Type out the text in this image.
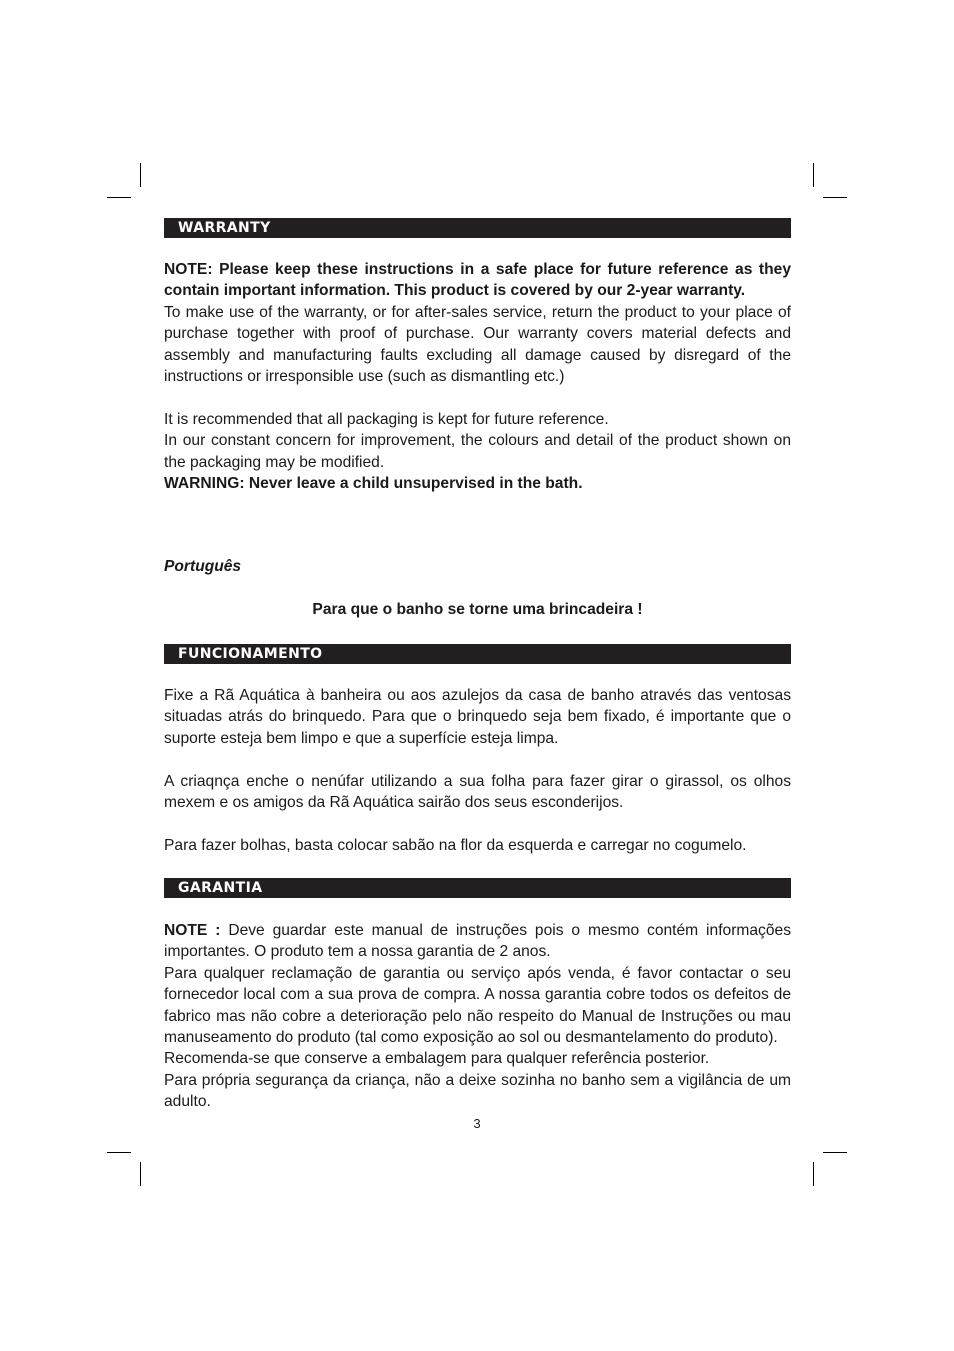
WARRANTY

NOTE: Please keep these instructions in a safe place for future reference as they contain important information. This product is covered by our 2-year warranty.

To make use of the warranty, or for after-sales service, return the product to your place of purchase together with proof of purchase. Our warranty covers material defects and assembly and manufacturing faults excluding all damage caused by disregard of the instructions or irresponsible use (such as dismantling etc.)

It is recommended that all packaging is kept for future reference.

In our constant concern for improvement, the colours and detail of the product shown on the packaging may be modified.

WARNING: Never leave a child unsupervised in the bath.

Português
Para que o banho se torne uma brincadeira !
FUNCIONAMENTO

Fixe a Rã Aquática à banheira ou aos azulejos da casa de banho através das ventosas situadas atrás do brinquedo. Para que o brinquedo seja bem fixado, é importante que o suporte esteja bem limpo e que a superfície esteja limpa.

A criaqnça enche o nenúfar utilizando a sua folha para fazer girar o girassol, os olhos mexem e os amigos da Rã Aquática sairão dos seus esconderijos.

Para fazer bolhas, basta colocar sabão na flor da esquerda e carregar no cogumelo.

GARANTIA

NOTE : Deve guardar este manual de instruções pois o mesmo contém informações importantes. O produto tem a nossa garantia de 2 anos.

Para qualquer reclamação de garantia ou serviço após venda, é favor contactar o seu fornecedor local com a sua prova de compra. A nossa garantia cobre todos os defeitos de fabrico mas não cobre a deterioração pelo não respeito do Manual de Instruções ou mau manuseamento do produto (tal como exposição ao sol ou desmantelamento do produto).

Recomenda-se que conserve a embalagem para qualquer referência posterior.

Para própria segurança da criança, não a deixe sozinha no banho sem a vigilância de um adulto.

3
